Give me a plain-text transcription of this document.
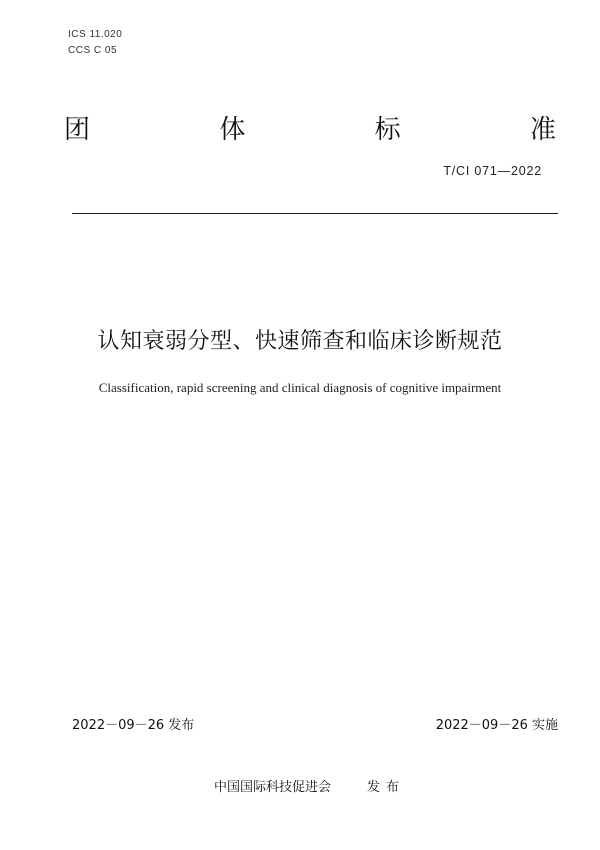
ICS 11.020
CCS C 05
团	体	标	准
T/CI 071—2022
认知衰弱分型、快速筛查和临床诊断规范
Classification, rapid screening and clinical diagnosis of cognitive impairment
2022－09－26 发布	2022－09－26 实施
中国国际科技促进会	发布
